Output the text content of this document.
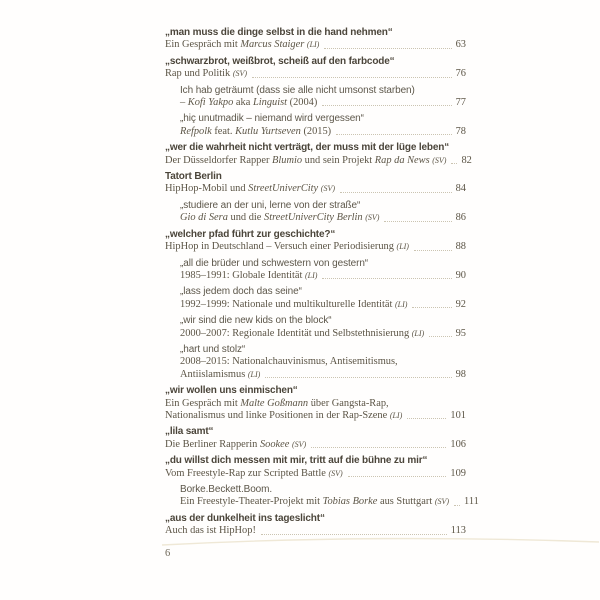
„man muss die dinge selbst in die hand nehmen“
Ein Gespräch mit Marcus Staiger (LI)	63
„schwarzbrot, weißbrot, scheiß auf den farbcode“
Rap und Politik (SV)	76
Ich hab geträumt (dass sie alle nicht umsonst starben)
– Kofi Yakpo aka Linguist (2004)	77
„hiç unutmadik – niemand wird vergessen“
Refpolk feat. Kutlu Yurtseven (2015)	78
„wer die wahrheit nicht verträgt, der muss mit der lüge leben“
Der Düsseldorfer Rapper Blumio und sein Projekt Rap da News (SV) 82
Tatort Berlin
HipHop-Mobil und StreetUniverCity (SV)	84
„studiere an der uni, lerne von der straße“
Gio di Sera und die StreetUniverCity Berlin (SV)	86
„welcher pfad führt zur geschichte?“
HipHop in Deutschland – Versuch einer Periodisierung (LI)	88
„all die brüder und schwestern von gestern“
1985–1991: Globale Identität (LI)	90
„lass jedem doch das seine“
1992–1999: Nationale und multikulturelle Identität (LI)	92
„wir sind die new kids on the block“
2000–2007: Regionale Identität und Selbstethnisierung (LI)	95
„hart und stolz“
2008–2015: Nationalchauvinismus, Antisemitismus,
Antiislamismus (LI)	98
„wir wollen uns einmischen“
Ein Gespräch mit Malte Goßmann über Gangsta-Rap,
Nationalismus und linke Positionen in der Rap-Szene (LI)	101
„lila samt“
Die Berliner Rapperin Sookee (SV)	106
„du willst dich messen mit mir, tritt auf die bühne zu mir“
Vom Freestyle-Rap zur Scripted Battle (SV)	109
Borke.Beckett.Boom.
Ein Freestyle-Theater-Projekt mit Tobias Borke aus Stuttgart (SV) 111
„aus der dunkelheit ins tageslicht“
Auch das ist HipHop!	113
6
